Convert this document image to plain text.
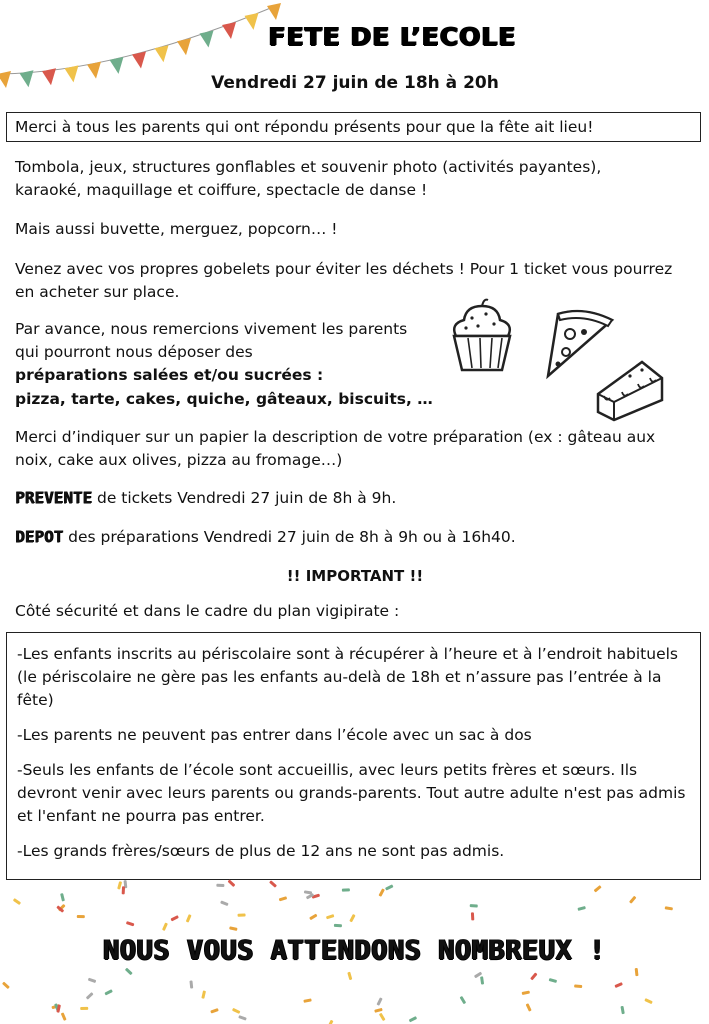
FETE DE L’ECOLE
Vendredi 27 juin de 18h à 20h
Merci à tous les parents qui ont répondu présents pour que la fête ait lieu!

Tombola, jeux, structures gonflables et souvenir photo (activités payantes), karaoké, maquillage et coiffure, spectacle de danse !

Mais aussi buvette, merguez, popcorn… !

Venez avec vos propres gobelets pour éviter les déchets ! Pour 1 ticket vous pourrez en acheter sur place.

Par avance, nous remercions vivement les parents qui pourront nous déposer des

préparations salées et/ou sucrées :

pizza, tarte, cakes, quiche, gâteaux, biscuits, …

Merci d’indiquer sur un papier la description de votre préparation (ex : gâteau aux noix, cake aux olives, pizza au fromage…)

PREVENTE de tickets Vendredi 27 juin de 8h à 9h.

DEPOT des préparations Vendredi 27 juin de 8h à 9h ou à 16h40.

!! IMPORTANT !!

Côté sécurité et dans le cadre du plan vigipirate :

-Les enfants inscrits au périscolaire sont à récupérer à l’heure et à l’endroit habituels (le périscolaire ne gère pas les enfants au-delà de 18h et n’assure pas l’entrée à la fête)

-Les parents ne peuvent pas entrer dans l’école avec un sac à dos

-Seuls les enfants de l’école sont accueillis, avec leurs petits frères et sœurs. Ils devront venir avec leurs parents ou grands-parents. Tout autre adulte n'est pas admis et l'enfant ne pourra pas entrer.

-Les grands frères/sœurs de plus de 12 ans ne sont pas admis.

NOUS VOUS ATTENDONS NOMBREUX !
